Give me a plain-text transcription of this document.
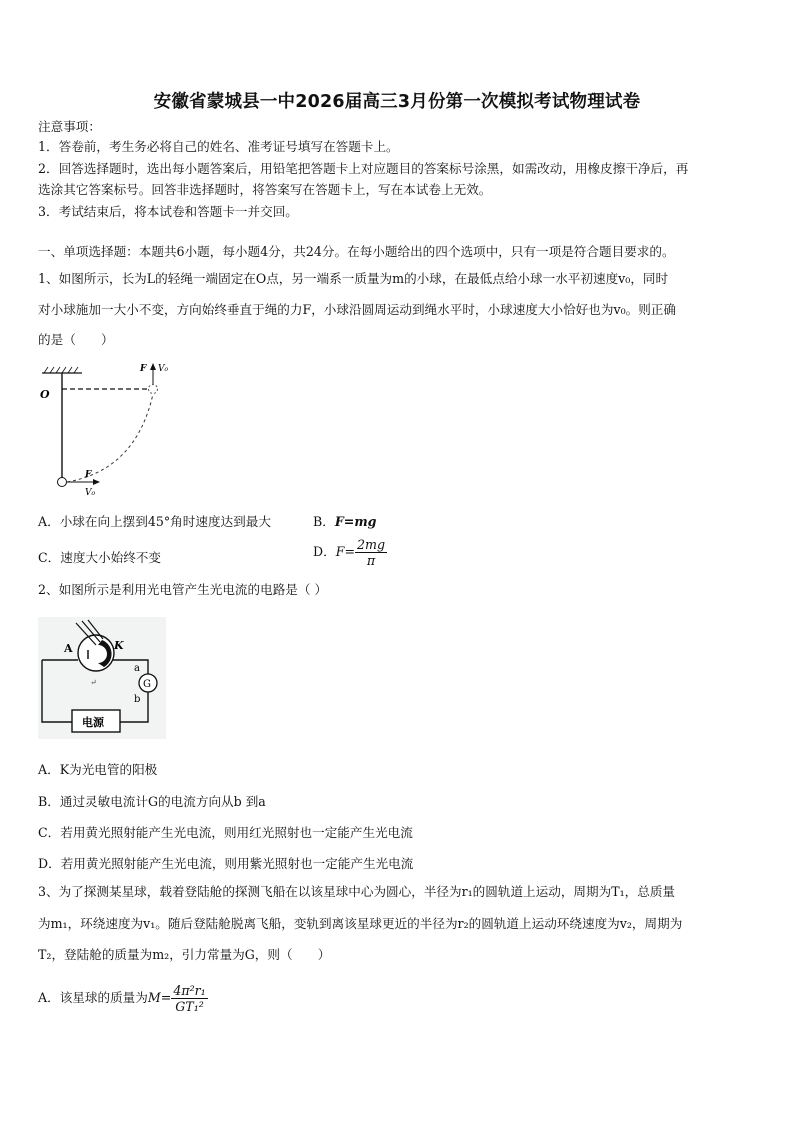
安徽省蒙城县一中2026届高三3月份第一次模拟考试物理试卷
注意事项：
1．答卷前，考生务必将自己的姓名、准考证号填写在答题卡上。
2．回答选择题时，选出每小题答案后，用铅笔把答题卡上对应题目的答案标号涂黑，如需改动，用橡皮擦干净后，再
选涂其它答案标号。回答非选择题时，将答案写在答题卡上，写在本试卷上无效。
3．考试结束后，将本试卷和答题卡一并交回。
一、单项选择题：本题共6小题，每小题4分，共24分。在每小题给出的四个选项中，只有一项是符合题目要求的。
1、如图所示，长为L的轻绳一端固定在O点，另一端系一质量为m的小球，在最低点给小球一水平初速度v₀，同时
对小球施加一大小不变，方向始终垂直于绳的力F，小球沿圆周运动到绳水平时，小球速度大小恰好也为v₀。则正确
的是（　　）
O
F V₀
F
V₀
A．小球在向上摆到45°角时速度达到最大	B．F=mg
C．速度大小始终不变	D．$F= \frac{2mg}{\pi}$
2、如图所示是利用光电管产生光电流的电路是（ ）
A	K
a
b
G
电源
↵
A．K为光电管的阳极
B．通过灵敏电流计G的电流方向从b 到a
C．若用黄光照射能产生光电流，则用红光照射也一定能产生光电流
D．若用黄光照射能产生光电流，则用紫光照射也一定能产生光电流
3、为了探测某星球，载着登陆舱的探测飞船在以该星球中心为圆心，半径为r₁的圆轨道上运动，周期为T₁，总质量
为m₁，环绕速度为v₁。随后登陆舱脱离飞船，变轨到离该星球更近的半径为r₂的圆轨道上运动环绕速度为v₂，周期为
T₂，登陆舱的质量为m₂，引力常量为G，则（　　）
A．该星球的质量为$M= \frac{\text{4π²r₁}}{\text{GT₁²}}$
